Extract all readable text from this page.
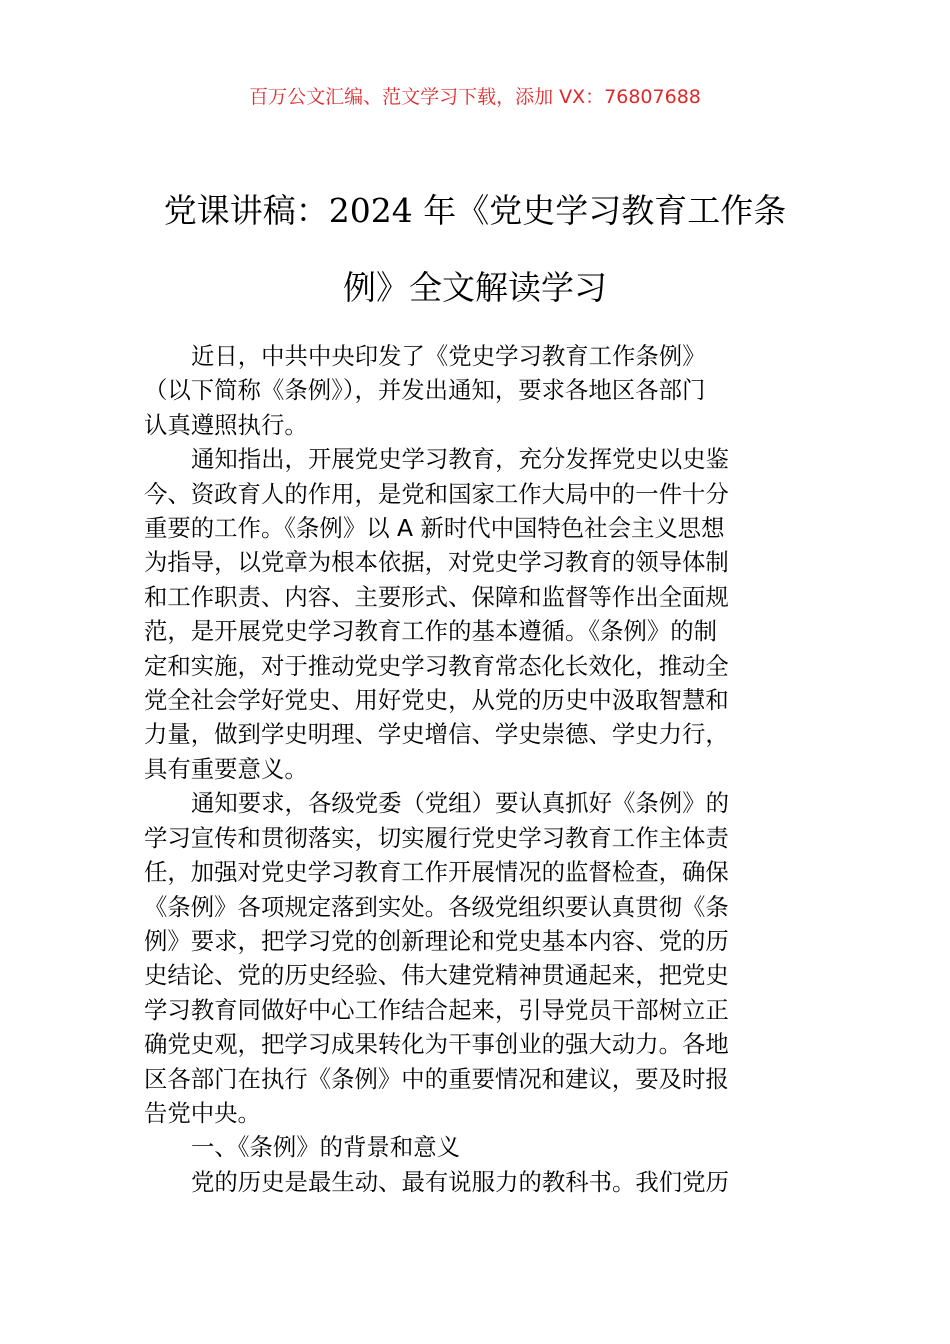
百万公文汇编、范文学习下载，添加 VX：76807688
党课讲稿：2024 年《党史学习教育工作条
例》全文解读学习
近日，中共中央印发了《党史学习教育工作条例》
（以下简称《条例》），并发出通知，要求各地区各部门
认真遵照执行。
通知指出，开展党史学习教育，充分发挥党史以史鉴
今、资政育人的作用，是党和国家工作大局中的一件十分
重要的工作。《条例》以 A 新时代中国特色社会主义思想
为指导，以党章为根本依据，对党史学习教育的领导体制
和工作职责、内容、主要形式、保障和监督等作出全面规
范，是开展党史学习教育工作的基本遵循。《条例》的制
定和实施，对于推动党史学习教育常态化长效化，推动全
党全社会学好党史、用好党史，从党的历史中汲取智慧和
力量，做到学史明理、学史增信、学史崇德、学史力行，
具有重要意义。
通知要求，各级党委（党组）要认真抓好《条例》的
学习宣传和贯彻落实，切实履行党史学习教育工作主体责
任，加强对党史学习教育工作开展情况的监督检查，确保
《条例》各项规定落到实处。各级党组织要认真贯彻《条
例》要求，把学习党的创新理论和党史基本内容、党的历
史结论、党的历史经验、伟大建党精神贯通起来，把党史
学习教育同做好中心工作结合起来，引导党员干部树立正
确党史观，把学习成果转化为干事创业的强大动力。各地
区各部门在执行《条例》中的重要情况和建议，要及时报
告党中央。
一、《条例》的背景和意义
党的历史是最生动、最有说服力的教科书。我们党历
